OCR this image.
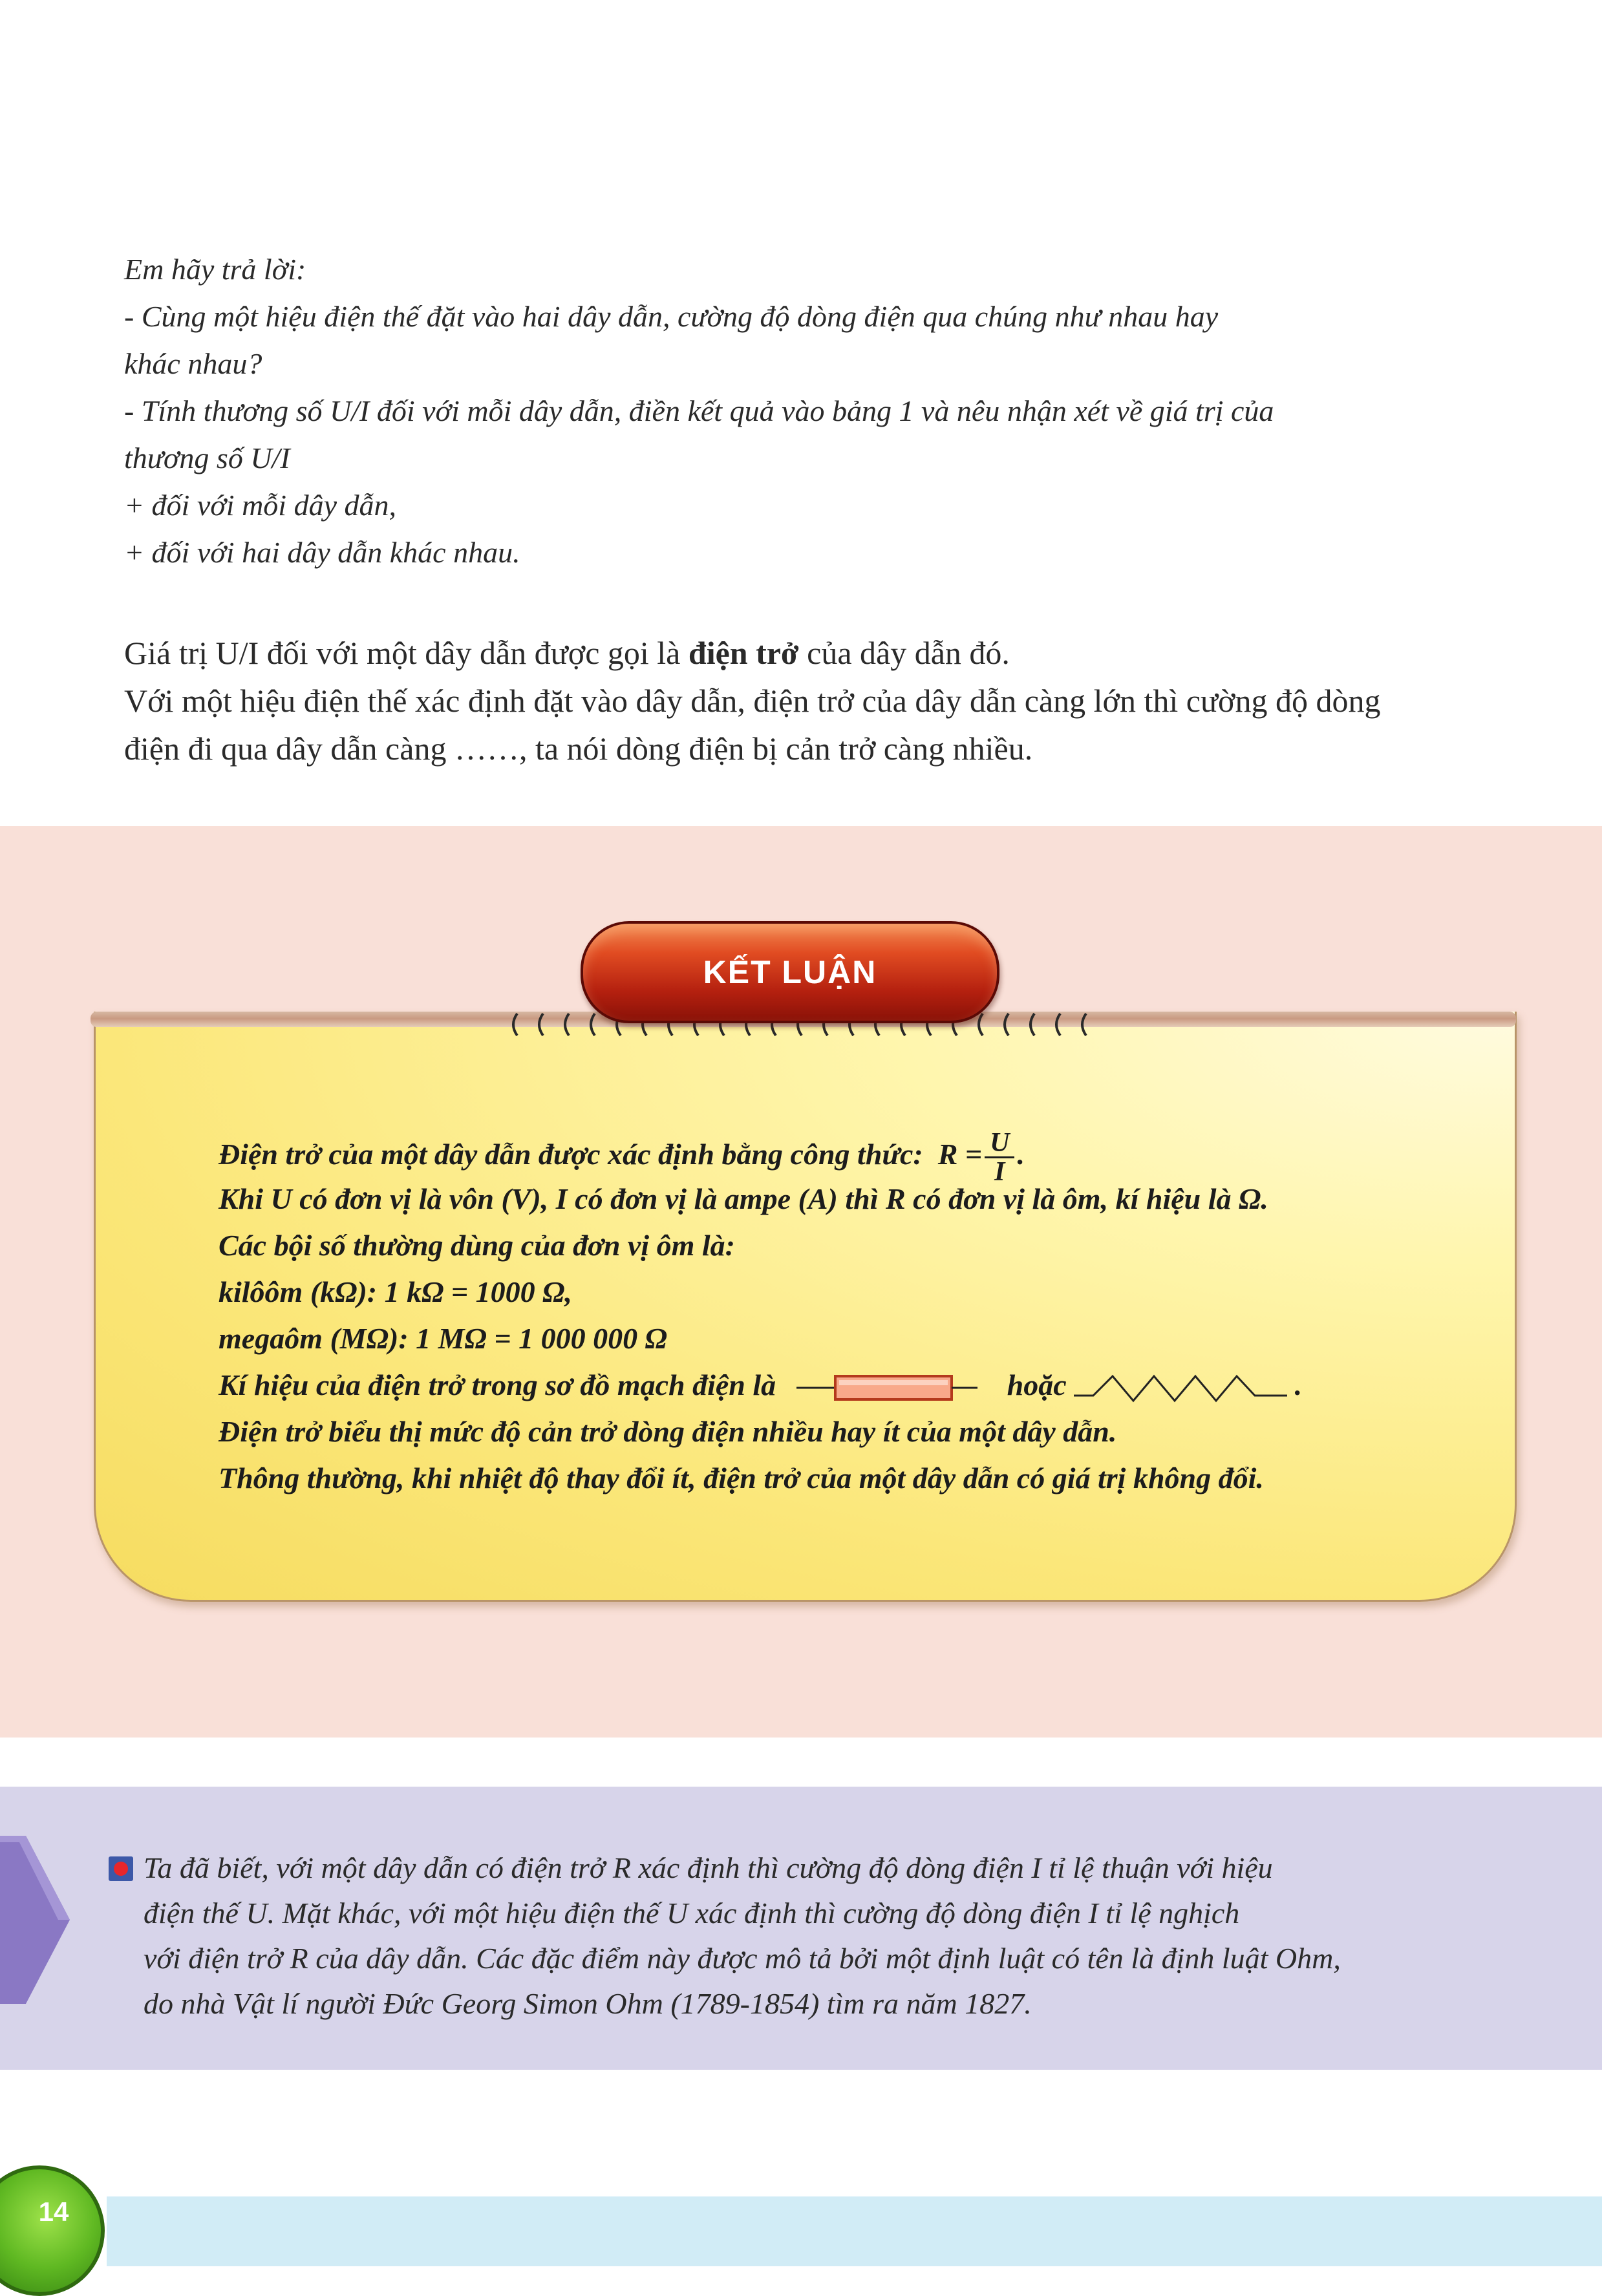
Em hãy trả lời:
- Cùng một hiệu điện thế đặt vào hai dây dẫn, cường độ dòng điện qua chúng như nhau hay
khác nhau?
- Tính thương số U/I đối với mỗi dây dẫn, điền kết quả vào bảng 1 và nêu nhận xét về giá trị của
thương số U/I
+ đối với mỗi dây dẫn,
+ đối với hai dây dẫn khác nhau.
Giá trị U/I đối với một dây dẫn được gọi là điện trở của dây dẫn đó.
Với một hiệu điện thế xác định đặt vào dây dẫn, điện trở của dây dẫn càng lớn thì cường độ dòng
điện đi qua dây dẫn càng ……, ta nói dòng điện bị cản trở càng nhiều.
KẾT LUẬN
Điện trở của một dây dẫn được xác định bằng công thức: $R = \frac{U}{I}$ .
Khi U có đơn vị là vôn (V), I có đơn vị là ampe (A) thì R có đơn vị là ôm, kí hiệu là Ω.
Các bội số thường dùng của đơn vị ôm là:
kilôôm (kΩ): 1 kΩ = 1000 Ω,
megaôm (MΩ): 1 MΩ = 1 000 000 Ω
Kí hiệu của điện trở trong sơ đồ mạch điện là	hoặc	.
Điện trở biểu thị mức độ cản trở dòng điện nhiều hay ít của một dây dẫn.
Thông thường, khi nhiệt độ thay đổi ít, điện trở của một dây dẫn có giá trị không đổi.
Ta đã biết, với một dây dẫn có điện trở R xác định thì cường độ dòng điện I tỉ lệ thuận với hiệu
điện thế U. Mặt khác, với một hiệu điện thế U xác định thì cường độ dòng điện I tỉ lệ nghịch
với điện trở R của dây dẫn. Các đặc điểm này được mô tả bởi một định luật có tên là định luật Ohm,
do nhà Vật lí người Đức Georg Simon Ohm (1789-1854) tìm ra năm 1827.
14
